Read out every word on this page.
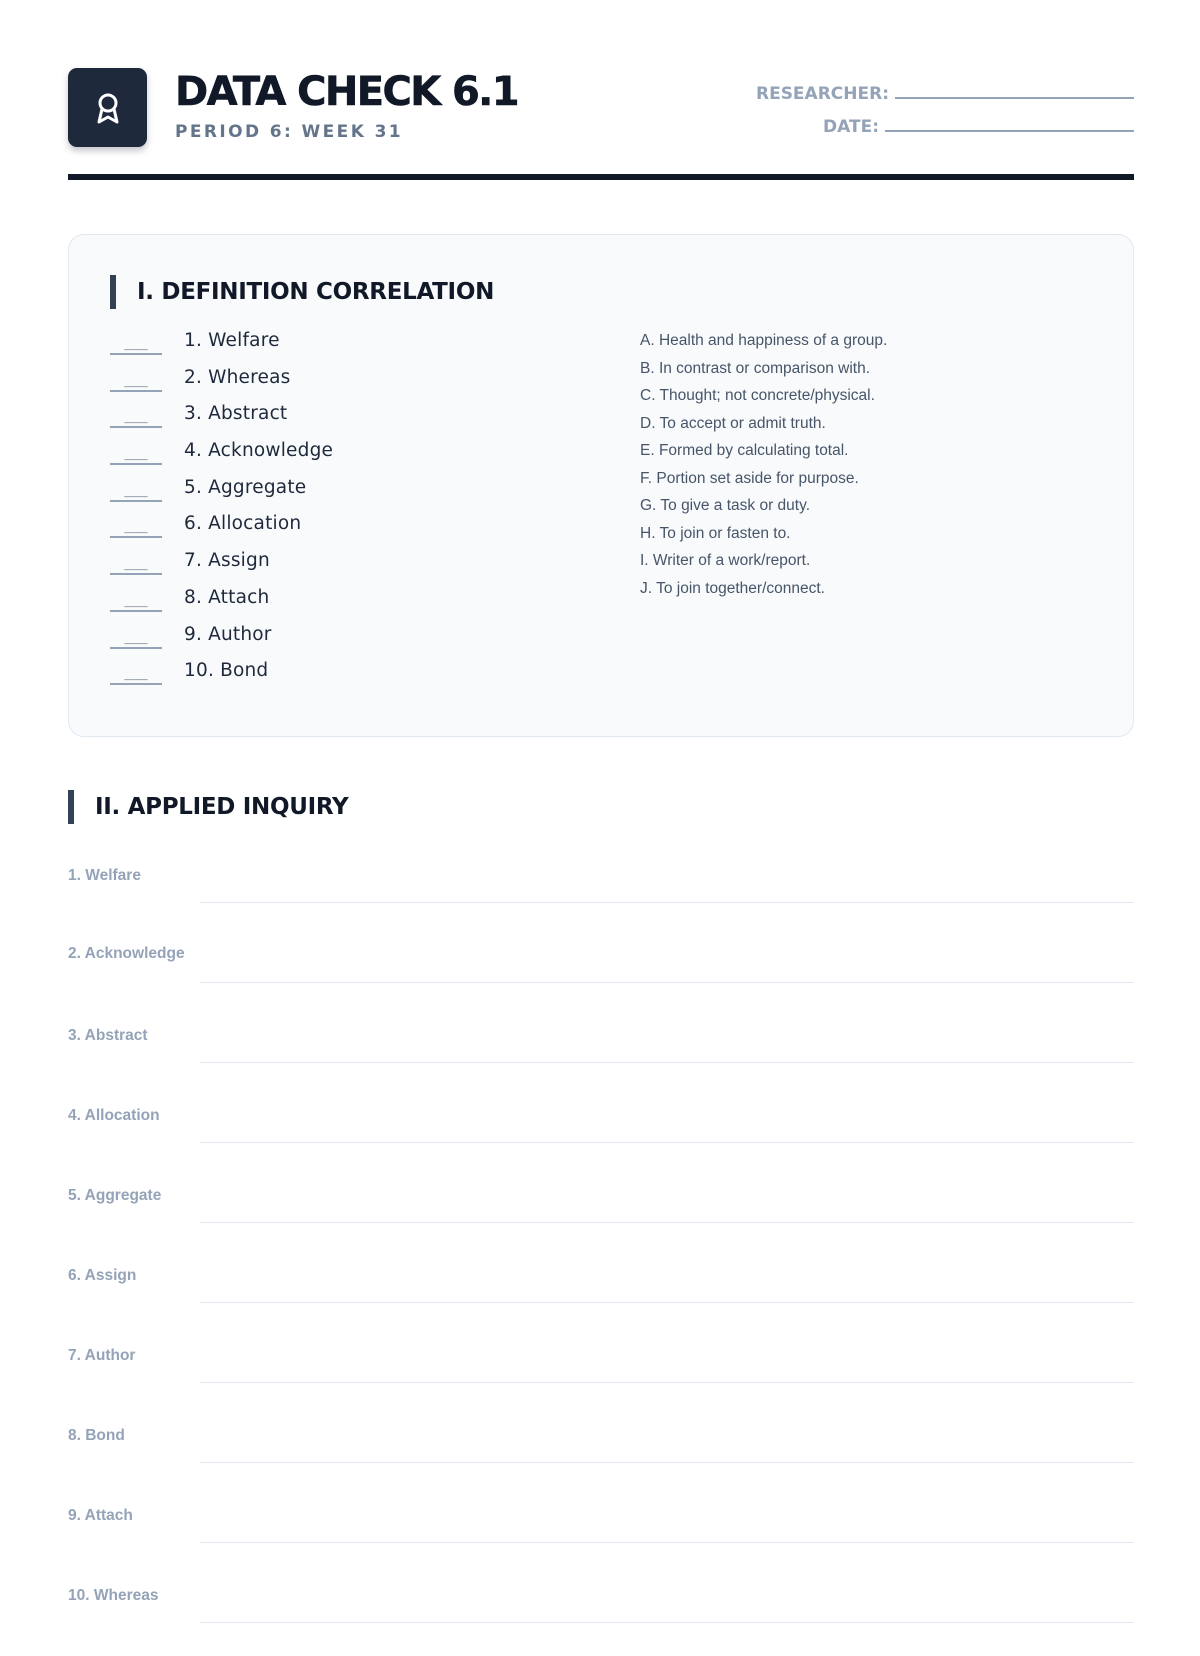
DATA CHECK 6.1
PERIOD 6: WEEK 31
RESEARCHER:
DATE:
I. DEFINITION CORRELATION
___	1. Welfare
___	2. Whereas
___	3. Abstract
___	4. Acknowledge
___	5. Aggregate
___	6. Allocation
___	7. Assign
___	8. Attach
___	9. Author
___	10. Bond
A. Health and happiness of a group.
B. In contrast or comparison with.
C. Thought; not concrete/physical.
D. To accept or admit truth.
E. Formed by calculating total.
F. Portion set aside for purpose.
G. To give a task or duty.
H. To join or fasten to.
I. Writer of a work/report.
J. To join together/connect.
II. APPLIED INQUIRY
1. Welfare
2. Acknowledge
3. Abstract
4. Allocation
5. Aggregate
6. Assign
7. Author
8. Bond
9. Attach
10. Whereas
